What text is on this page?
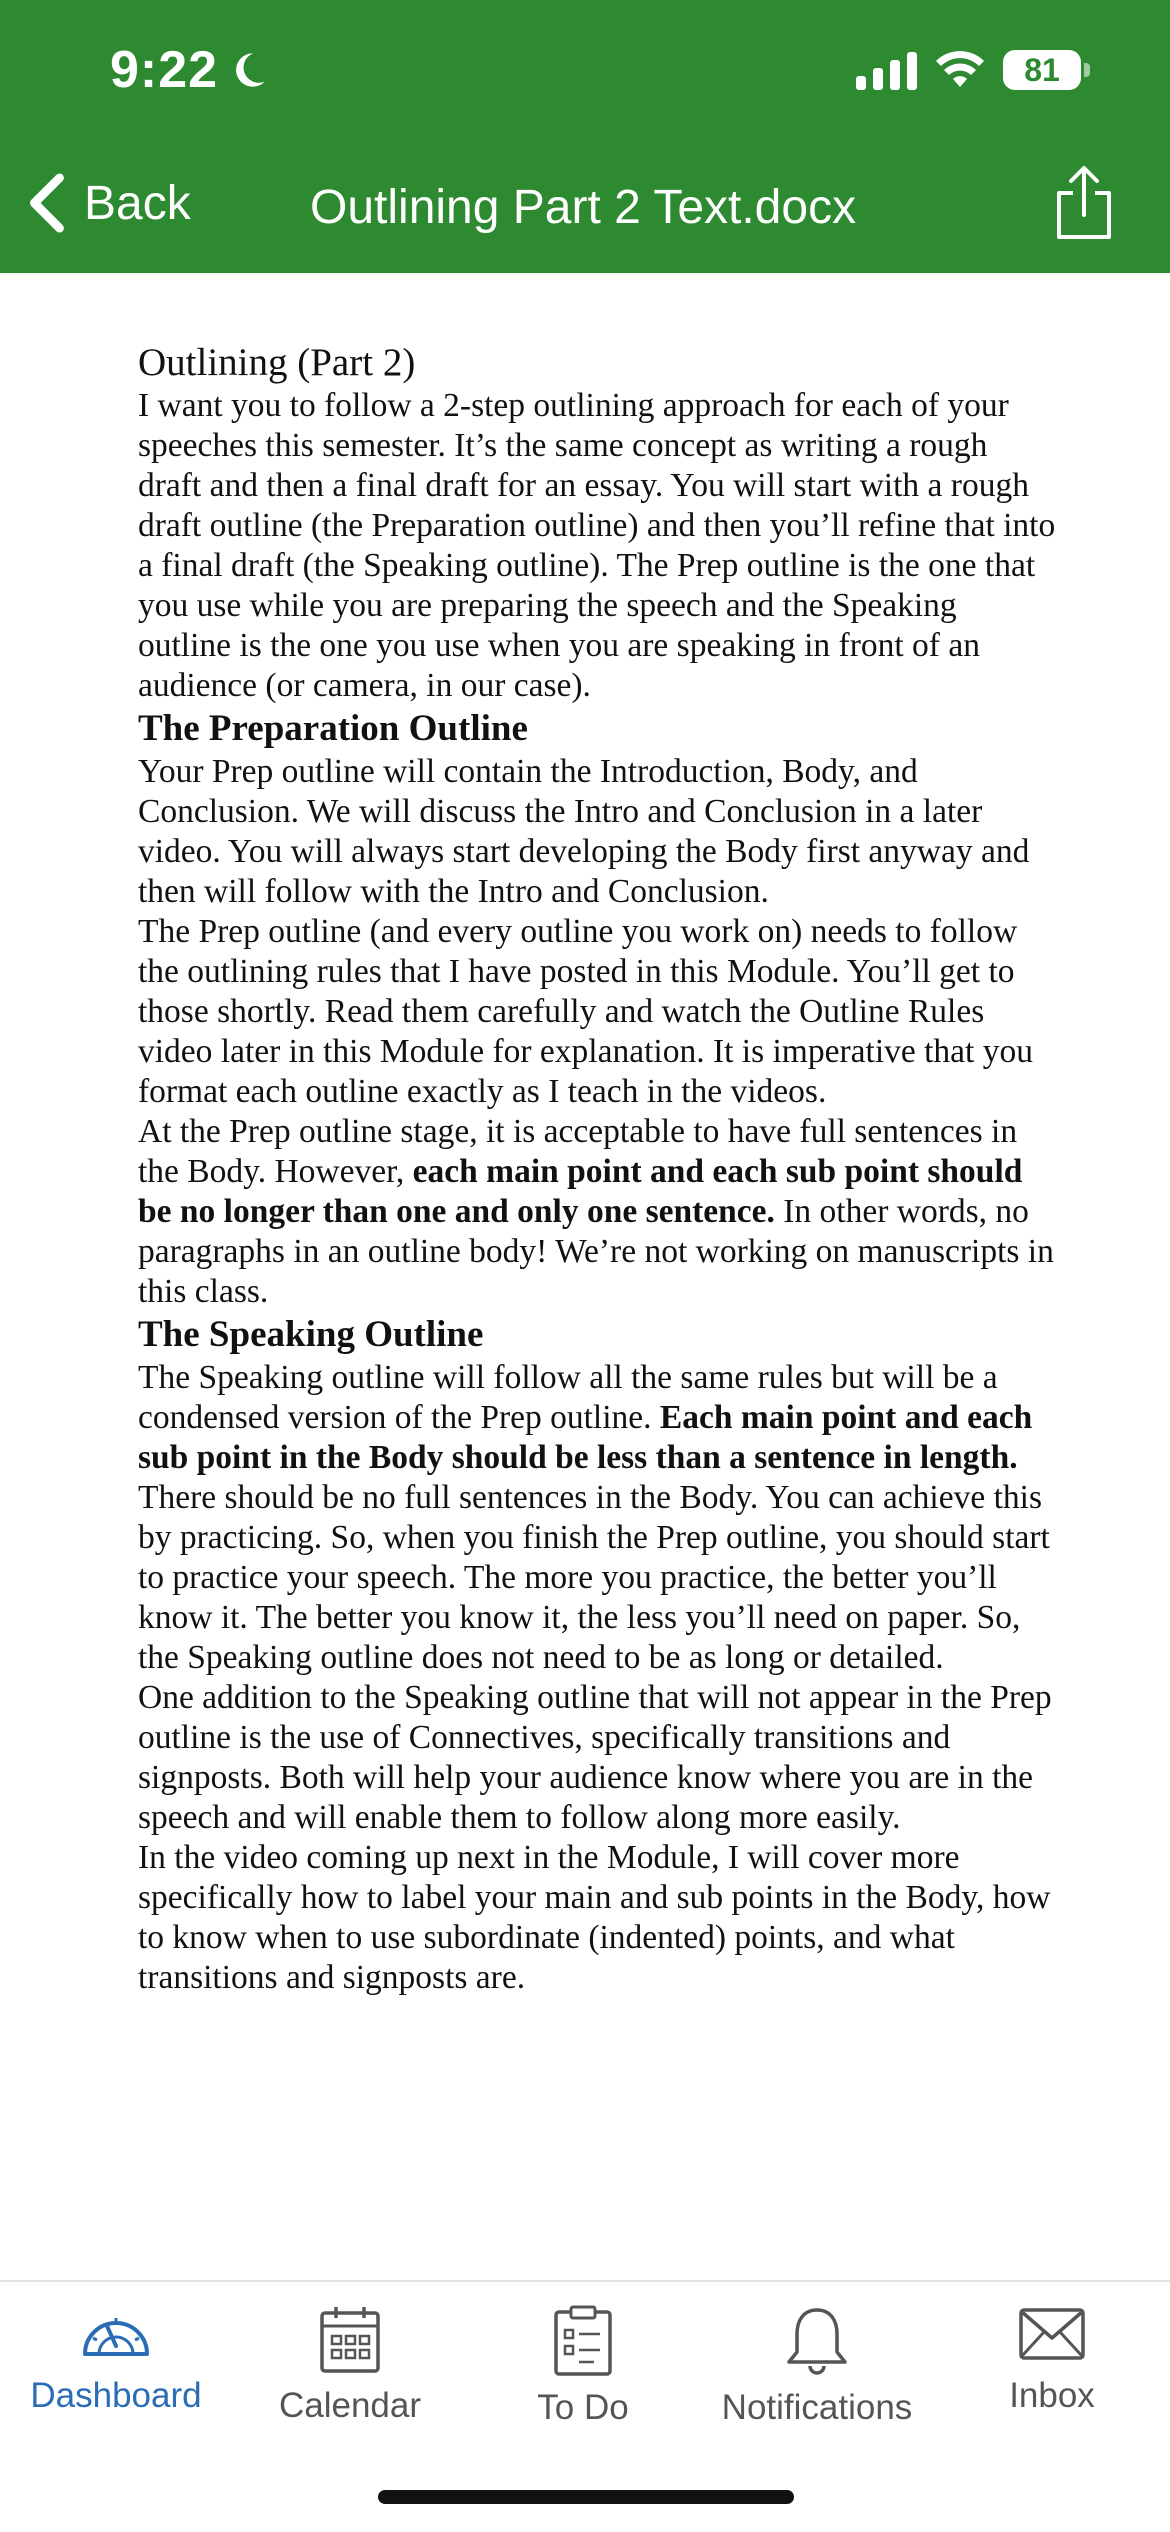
9:22	81
Back Outlining Part 2 Text.docx

Outlining (Part 2)

I want you to follow a 2-step outlining approach for each of your speeches this semester. It’s the same concept as writing a rough draft and then a final draft for an essay. You will start with a rough draft outline (the Preparation outline) and then you’ll refine that into a final draft (the Speaking outline). The Prep outline is the one that you use while you are preparing the speech and the Speaking outline is the one you use when you are speaking in front of an audience (or camera, in our case).

The Preparation Outline

Your Prep outline will contain the Introduction, Body, and Conclusion. We will discuss the Intro and Conclusion in a later video. You will always start developing the Body first anyway and then will follow with the Intro and Conclusion.

The Prep outline (and every outline you work on) needs to follow the outlining rules that I have posted in this Module. You’ll get to those shortly. Read them carefully and watch the Outline Rules video later in this Module for explanation. It is imperative that you format each outline exactly as I teach in the videos.

At the Prep outline stage, it is acceptable to have full sentences in the Body. However, each main point and each sub point should be no longer than one and only one sentence. In other words, no paragraphs in an outline body! We’re not working on manuscripts in this class.

The Speaking Outline

The Speaking outline will follow all the same rules but will be a condensed version of the Prep outline. Each main point and each sub point in the Body should be less than a sentence in length. There should be no full sentences in the Body. You can achieve this by practicing. So, when you finish the Prep outline, you should start to practice your speech. The more you practice, the better you’ll know it. The better you know it, the less you’ll need on paper. So, the Speaking outline does not need to be as long or detailed.

One addition to the Speaking outline that will not appear in the Prep outline is the use of Connectives, specifically transitions and signposts. Both will help your audience know where you are in the speech and will enable them to follow along more easily.

In the video coming up next in the Module, I will cover more specifically how to label your main and sub points in the Body, how to know when to use subordinate (indented) points, and what transitions and signposts are.

Dashboard Calendar	To Do	Notifications	Inbox
